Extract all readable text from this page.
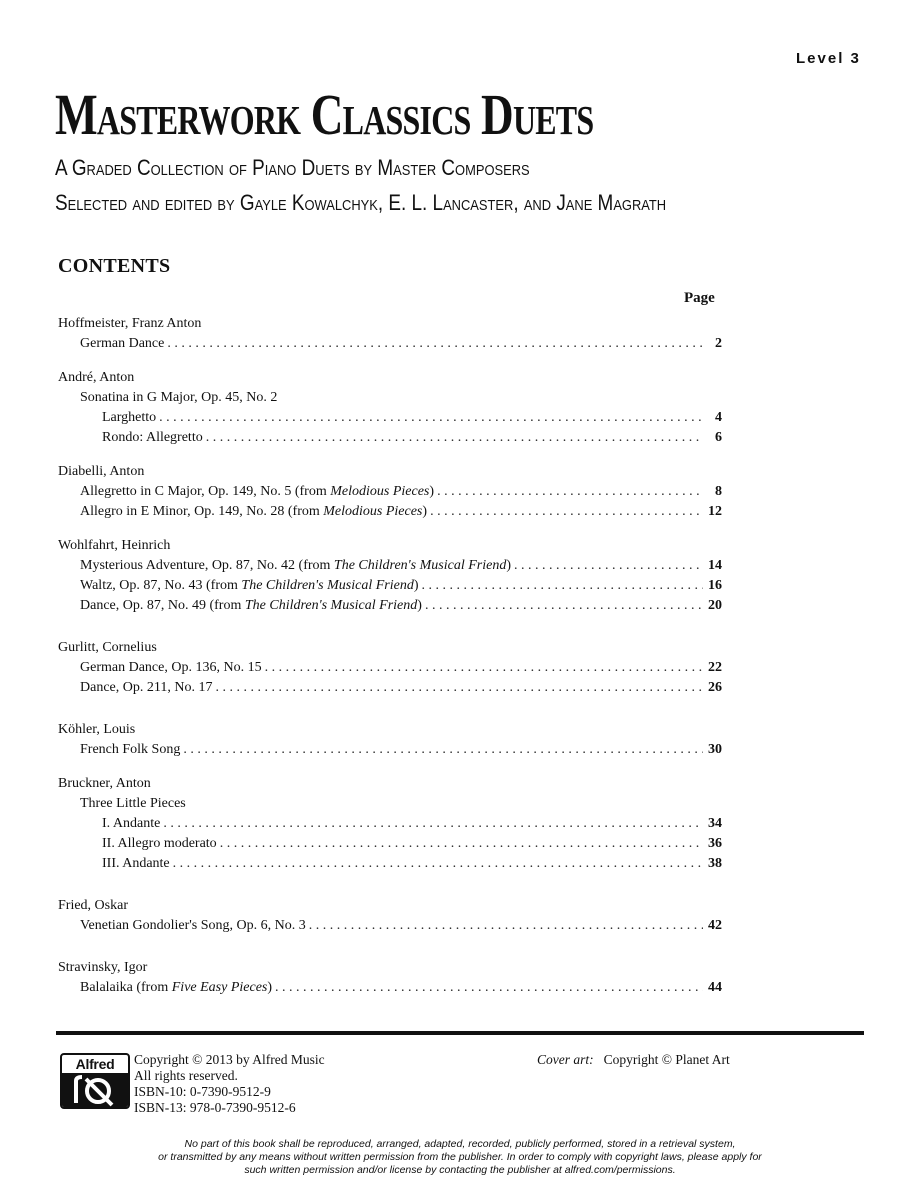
Level 3
Masterwork Classics Duets
A Graded Collection of Piano Duets by Master Composers
Selected and edited by Gayle Kowalchyk, E. L. Lancaster, and Jane Magrath
CONTENTS
Page
Hoffmeister, Franz Anton
German Dance . . .	2
André, Anton
Sonatina in G Major, Op. 45, No. 2
Larghetto . . .	4
Rondo: Allegretto . . .	6
Diabelli, Anton
Allegretto in C Major, Op. 149, No. 5 (from Melodious Pieces) . . .	8
Allegro in E Minor, Op. 149, No. 28 (from Melodious Pieces) . . .	12
Wohlfahrt, Heinrich
Mysterious Adventure, Op. 87, No. 42 (from The Children's Musical Friend) . . .	14
Waltz, Op. 87, No. 43 (from The Children's Musical Friend) . . .	16
Dance, Op. 87, No. 49 (from The Children's Musical Friend) . . .	20
Gurlitt, Cornelius
German Dance, Op. 136, No. 15 . . .	22
Dance, Op. 211, No. 17 . . .	26
Köhler, Louis
French Folk Song . . .	30
Bruckner, Anton
Three Little Pieces
I. Andante . . .	34
II. Allegro moderato . . .	36
III. Andante . . .	38
Fried, Oskar
Venetian Gondolier's Song, Op. 6, No. 3 . . .	42
Stravinsky, Igor
Balalaika (from Five Easy Pieces) . . .	44
Alfred	Copyright © 2013 by Alfred Music
All rights reserved.
ISBN-10: 0-7390-9512-9
ISBN-13: 978-0-7390-9512-6
Cover art: Copyright © Planet Art
No part of this book shall be reproduced, arranged, adapted, recorded, publicly performed, stored in a retrieval system,
or transmitted by any means without written permission from the publisher. In order to comply with copyright laws, please apply for
such written permission and/or license by contacting the publisher at alfred.com/permissions.
